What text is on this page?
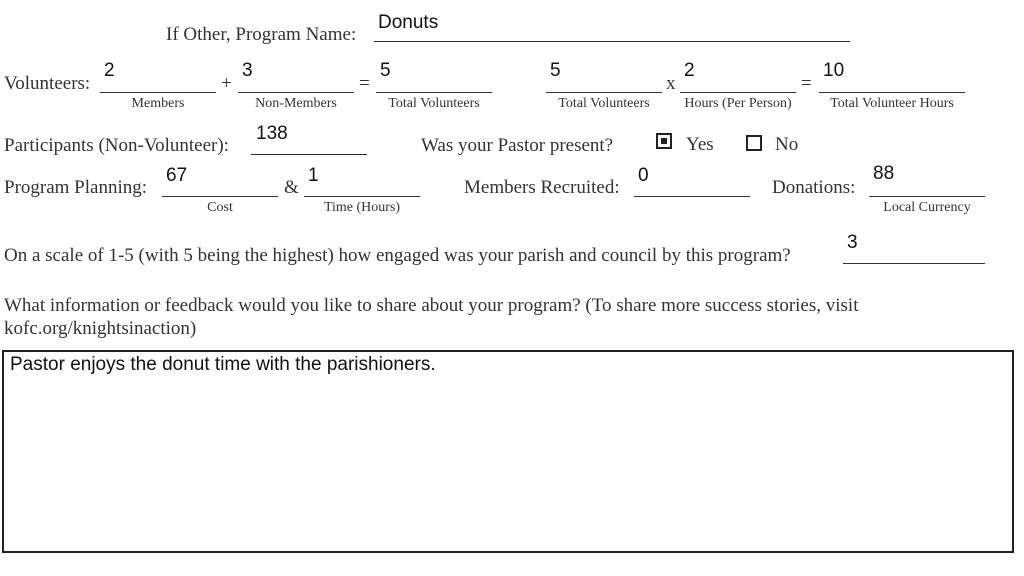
If Other, Program Name:
Donuts
Volunteers:
2
Members
+
3
Non-Members
=
5
Total Volunteers
5
Total Volunteers
x
2
Hours (Per Person)
=
10
Total Volunteer Hours
Participants (Non-Volunteer):
138
Was your Pastor present?	Yes	No
Program Planning:
67
Cost
&
1
Time (Hours)
Members Recruited:
0
Donations:
88
Local Currency
On a scale of 1-5 (with 5 being the highest) how engaged was your parish and council by this program?
3
What information or feedback would you like to share about your program? (To share more success stories, visit
kofc.org/knightsinaction)
Pastor enjoys the donut time with the parishioners.
